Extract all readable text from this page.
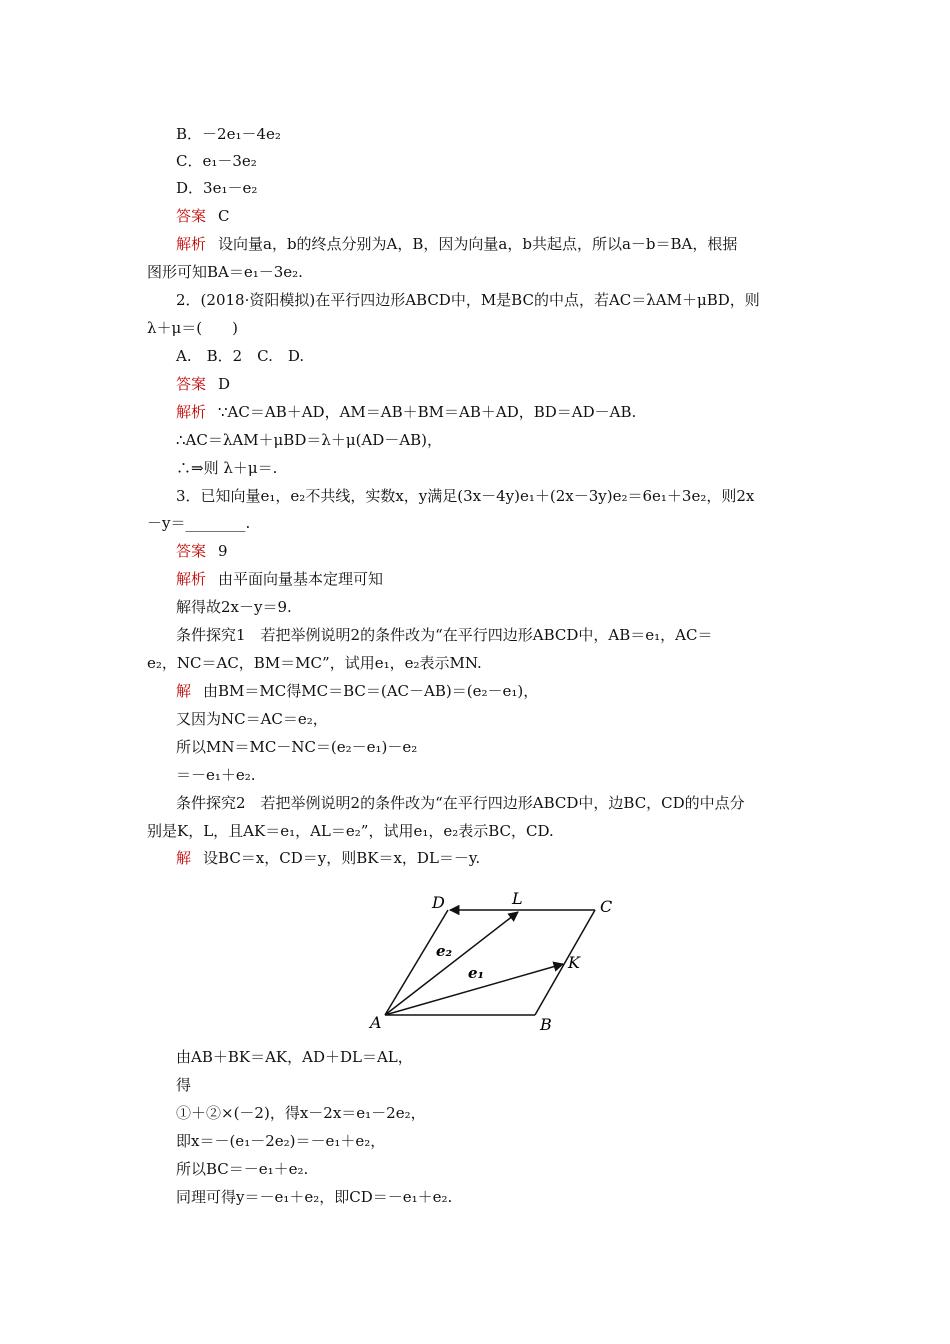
B．－2e₁－4e₂
C．e₁－3e₂
D．3e₁－e₂
答案 C
解析 设向量a，b的终点分别为A，B，因为向量a，b共起点，所以a－b＝BA，根据
图形可知BA＝e₁－3e₂.
2．(2018·资阳模拟)在平行四边形ABCD中，M是BC的中点，若AC＝λAM＋μBD，则
λ＋μ＝(　　)
A.　B．2　C.　D.
答案 D
解析 ∵AC＝AB＋AD，AM＝AB＋BM＝AB＋AD，BD＝AD－AB.
∴AC＝λAM＋μBD＝λ＋μ(AD－AB)，
∴⇒则 λ＋μ＝.
3．已知向量e₁，e₂不共线，实数x，y满足(3x－4y)e₁＋(2x－3y)e₂＝6e₁＋3e₂，则2x
－y＝________.
答案 9
解析 由平面向量基本定理可知
解得故2x－y＝9.
条件探究1　若把举例说明2的条件改为“在平行四边形ABCD中，AB＝e₁，AC＝
e₂，NC＝AC，BM＝MC”，试用e₁，e₂表示MN.
解 由BM＝MC得MC＝BC＝(AC－AB)＝(e₂－e₁)，
又因为NC＝AC＝e₂，
所以MN＝MC－NC＝(e₂－e₁)－e₂
＝－e₁＋e₂.
条件探究2　若把举例说明2的条件改为“在平行四边形ABCD中，边BC，CD的中点分
别是K，L，且AK＝e₁，AL＝e₂”，试用e₁，e₂表示BC，CD.
解 设BC＝x，CD＝y，则BK＝x，DL＝－y.
A	B
C
D
K
L
e₂
e₁
由AB＋BK＝AK，AD＋DL＝AL，
得
①＋②×(－2)，得x－2x＝e₁－2e₂，
即x＝－(e₁－2e₂)＝－e₁＋e₂，
所以BC＝－e₁＋e₂.
同理可得y＝－e₁＋e₂，即CD＝－e₁＋e₂.
